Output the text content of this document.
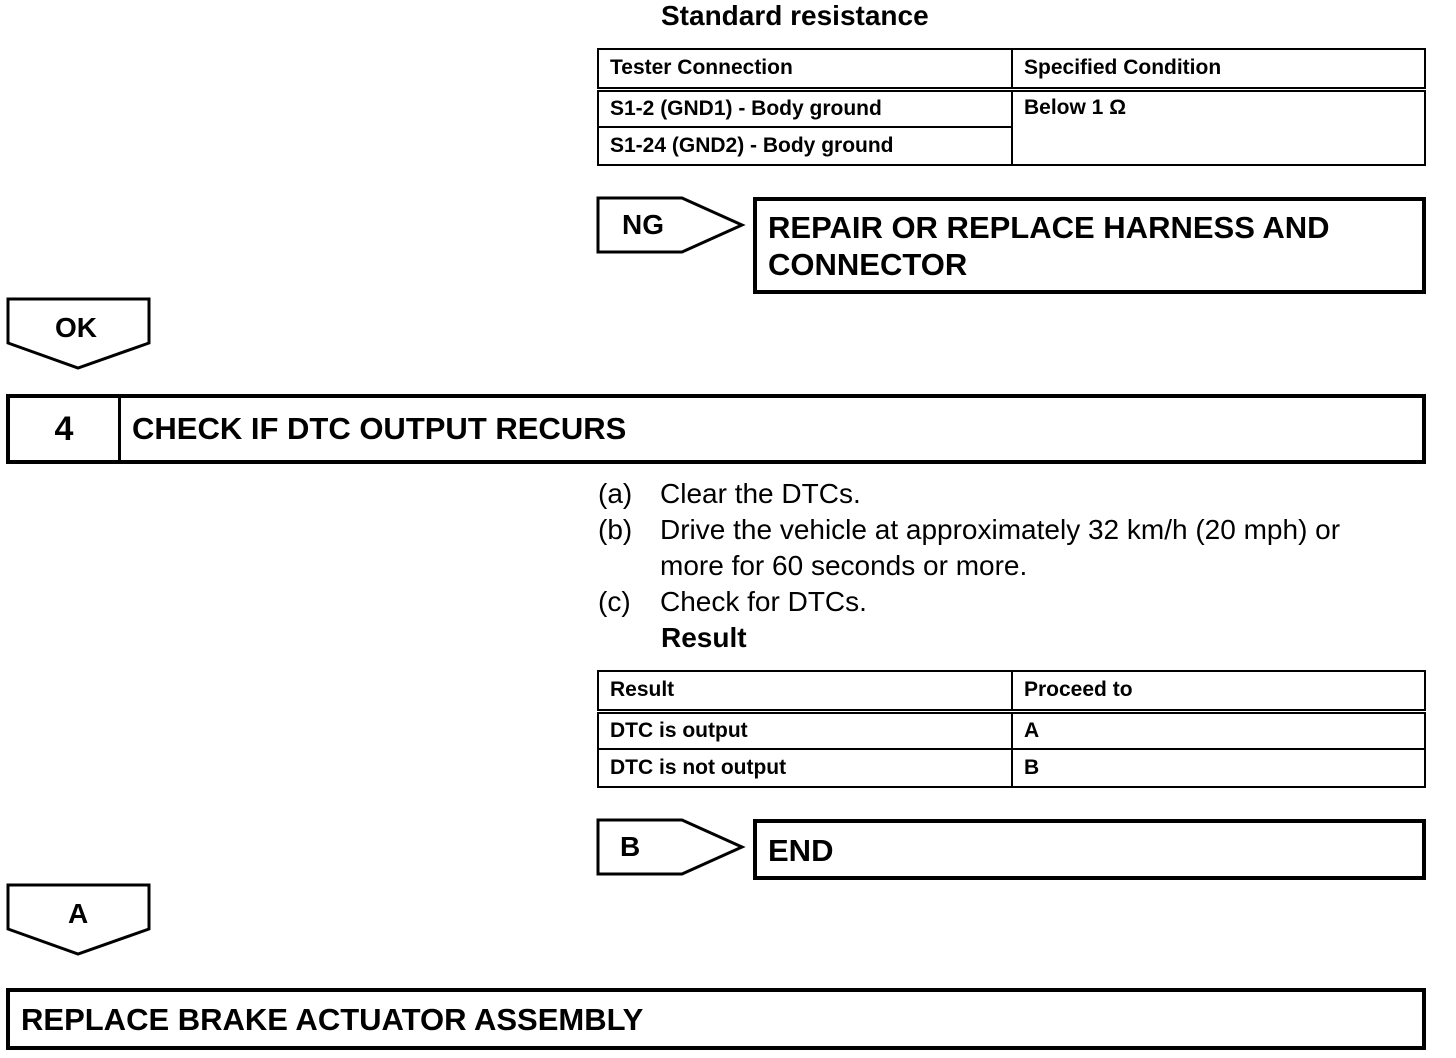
Standard resistance
Tester Connection	Specified Condition
S1-2 (GND1) - Body ground	Below 1 Ω
S1-24 (GND2) - Body ground	
NG	REPAIR OR REPLACE HARNESS AND CONNECTOR
OK
4	CHECK IF DTC OUTPUT RECURS
(a) Clear the DTCs.
(b) Drive the vehicle at approximately 32 km/h (20 mph) or
more for 60 seconds or more.
(c) Check for DTCs.
Result
Result	Proceed to
DTC is output	A
DTC is not output	B
B	END
A
REPLACE BRAKE ACTUATOR ASSEMBLY
